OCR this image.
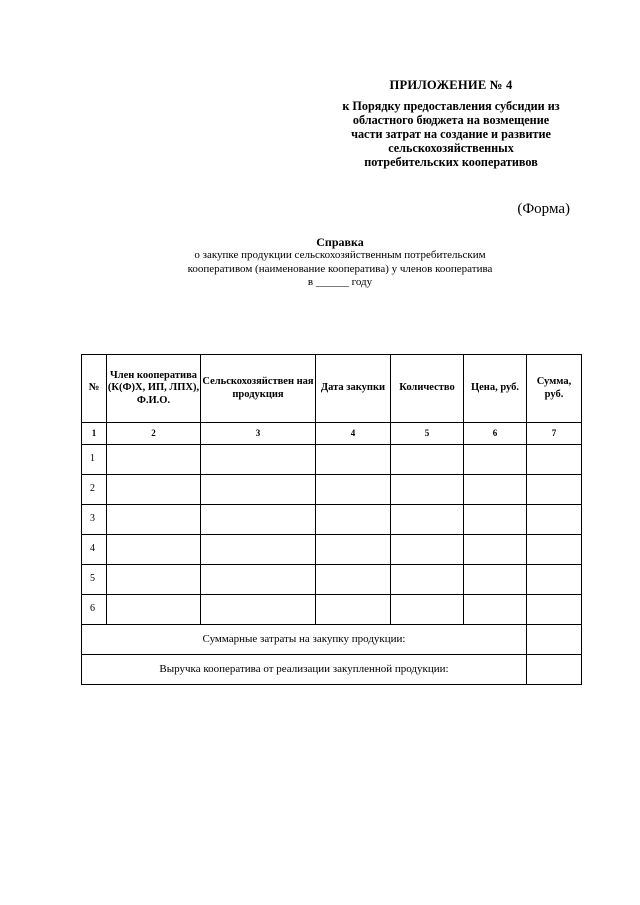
ПРИЛОЖЕНИЕ № 4
к Порядку предоставления субсидии из
областного бюджета на возмещение
части затрат на создание и развитие
сельскохозяйственных
потребительских кооперативов
(Форма)
Справка
о закупке продукции сельскохозяйственным потребительским
кооперативом (наименование кооператива) у членов кооператива
в ______ году
№	Член кооператива (К(Ф)Х, ИП, ЛПХ), Ф.И.О.	Сельскохозяйствен ная продукция	Дата закупки	Количество	Цена, руб.	Сумма, руб.
1	2	3	4	5	6	7
1						
2						
3						
4						
5						
6						
Суммарные затраты на закупку продукции:						
Выручка кооператива от реализации закупленной продукции:						
